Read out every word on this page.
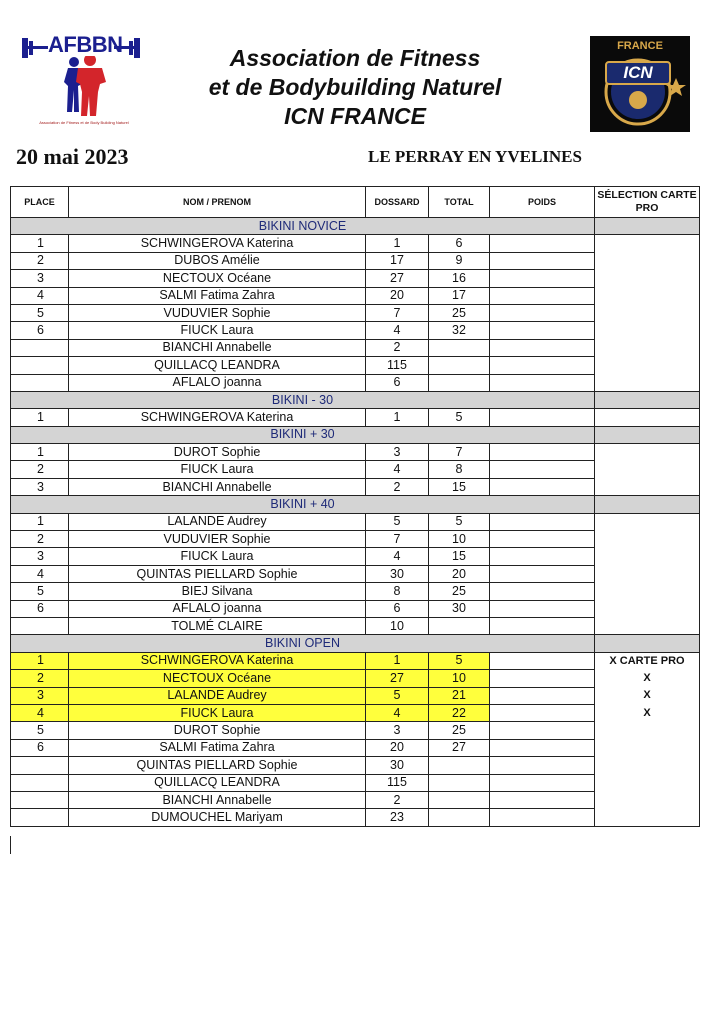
AFBBN
Association de Fitness et de Body Building Naturel
Association de Fitness
et de Bodybuilding Naturel
ICN FRANCE
FRANCE
ICN
20 mai 2023	LE PERRAY EN YVELINES
PLACE	NOM / PRENOM	DOSSARD	TOTAL	POIDS	SÉLECTION CARTE PRO
BIKINI NOVICE					
1	SCHWINGEROVA Katerina	1	6		
2	DUBOS Amélie	17	9		
3	NECTOUX Océane	27	16		
4	SALMI Fatima Zahra	20	17		
5	VUDUVIER Sophie	7	25		
6	FIUCK Laura	4	32		
	BIANCHI Annabelle	2			
	QUILLACQ LEANDRA	115			
	AFLALO joanna	6			
BIKINI - 30					
1	SCHWINGEROVA Katerina	1	5		
BIKINI + 30					
1	DUROT Sophie	3	7		
2	FIUCK Laura	4	8		
3	BIANCHI Annabelle	2	15		
BIKINI + 40					
1	LALANDE Audrey	5	5		
2	VUDUVIER Sophie	7	10		
3	FIUCK Laura	4	15		
4	QUINTAS PIELLARD Sophie	30	20		
5	BIEJ Silvana	8	25		
6	AFLALO joanna	6	30		
	TOLMÉ CLAIRE	10			
BIKINI OPEN					
1	SCHWINGEROVA Katerina	1	5		X CARTE PRO
2	NECTOUX Océane	27	10		X
3	LALANDE Audrey	5	21		X
4	FIUCK Laura	4	22		X
5	DUROT Sophie	3	25		
6	SALMI Fatima Zahra	20	27		
	QUINTAS PIELLARD Sophie	30			
	QUILLACQ LEANDRA	115			
	BIANCHI Annabelle	2			
	DUMOUCHEL Mariyam	23			
